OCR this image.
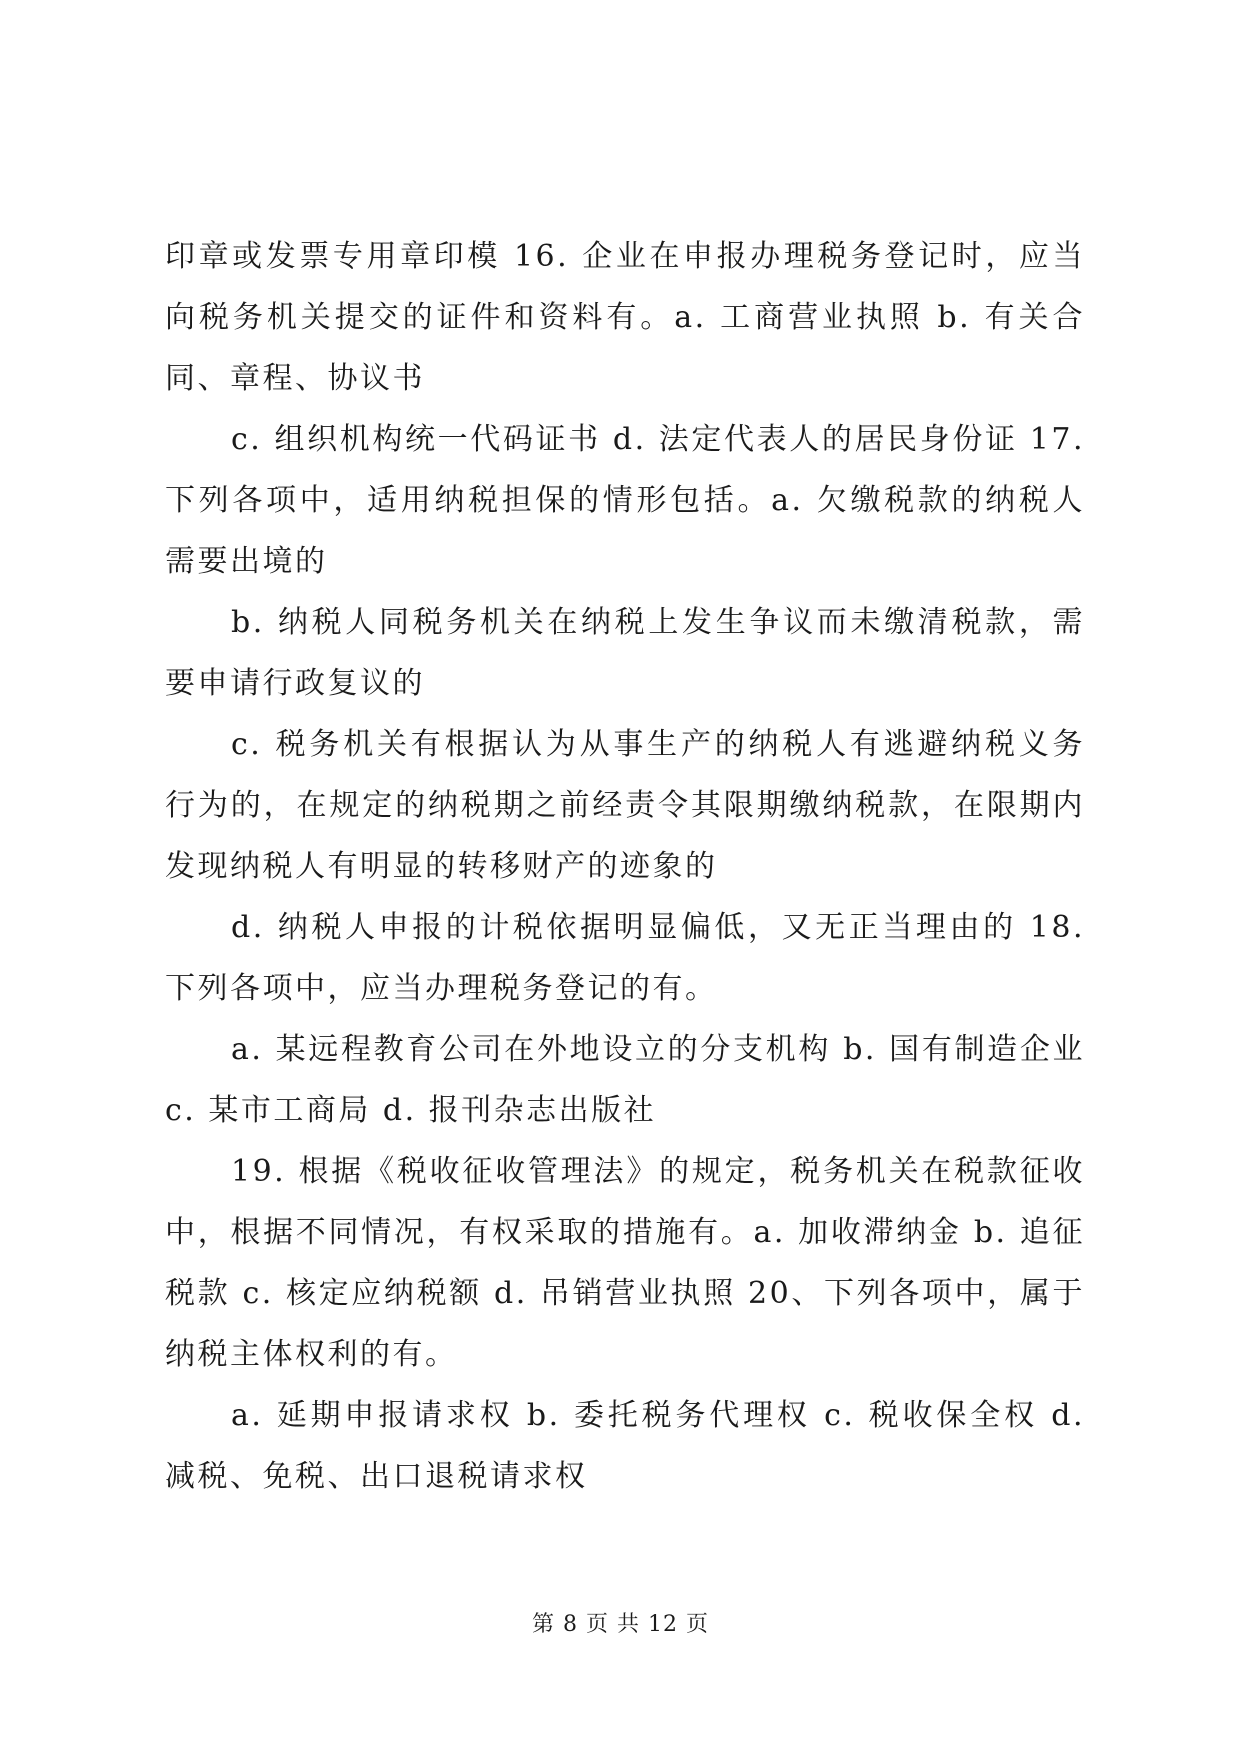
印章或发票专用章印模 16. 企业在申报办理税务登记时，应当向税务机关提交的证件和资料有。a. 工商营业执照 b. 有关合同、章程、协议书

c. 组织机构统一代码证书 d. 法定代表人的居民身份证 17. 下列各项中，适用纳税担保的情形包括。a. 欠缴税款的纳税人需要出境的

b. 纳税人同税务机关在纳税上发生争议而未缴清税款，需要申请行政复议的

c. 税务机关有根据认为从事生产的纳税人有逃避纳税义务行为的，在规定的纳税期之前经责令其限期缴纳税款，在限期内发现纳税人有明显的转移财产的迹象的

d. 纳税人申报的计税依据明显偏低，又无正当理由的 18. 下列各项中，应当办理税务登记的有。

a. 某远程教育公司在外地设立的分支机构 b. 国有制造企业 c. 某市工商局 d. 报刊杂志出版社

19. 根据《税收征收管理法》的规定，税务机关在税款征收中，根据不同情况，有权采取的措施有。a. 加收滞纳金 b. 追征税款 c. 核定应纳税额 d. 吊销营业执照 20、下列各项中，属于纳税主体权利的有。

a. 延期申报请求权 b. 委托税务代理权 c. 税收保全权 d. 减税、免税、出口退税请求权

第 8 页 共 12 页
